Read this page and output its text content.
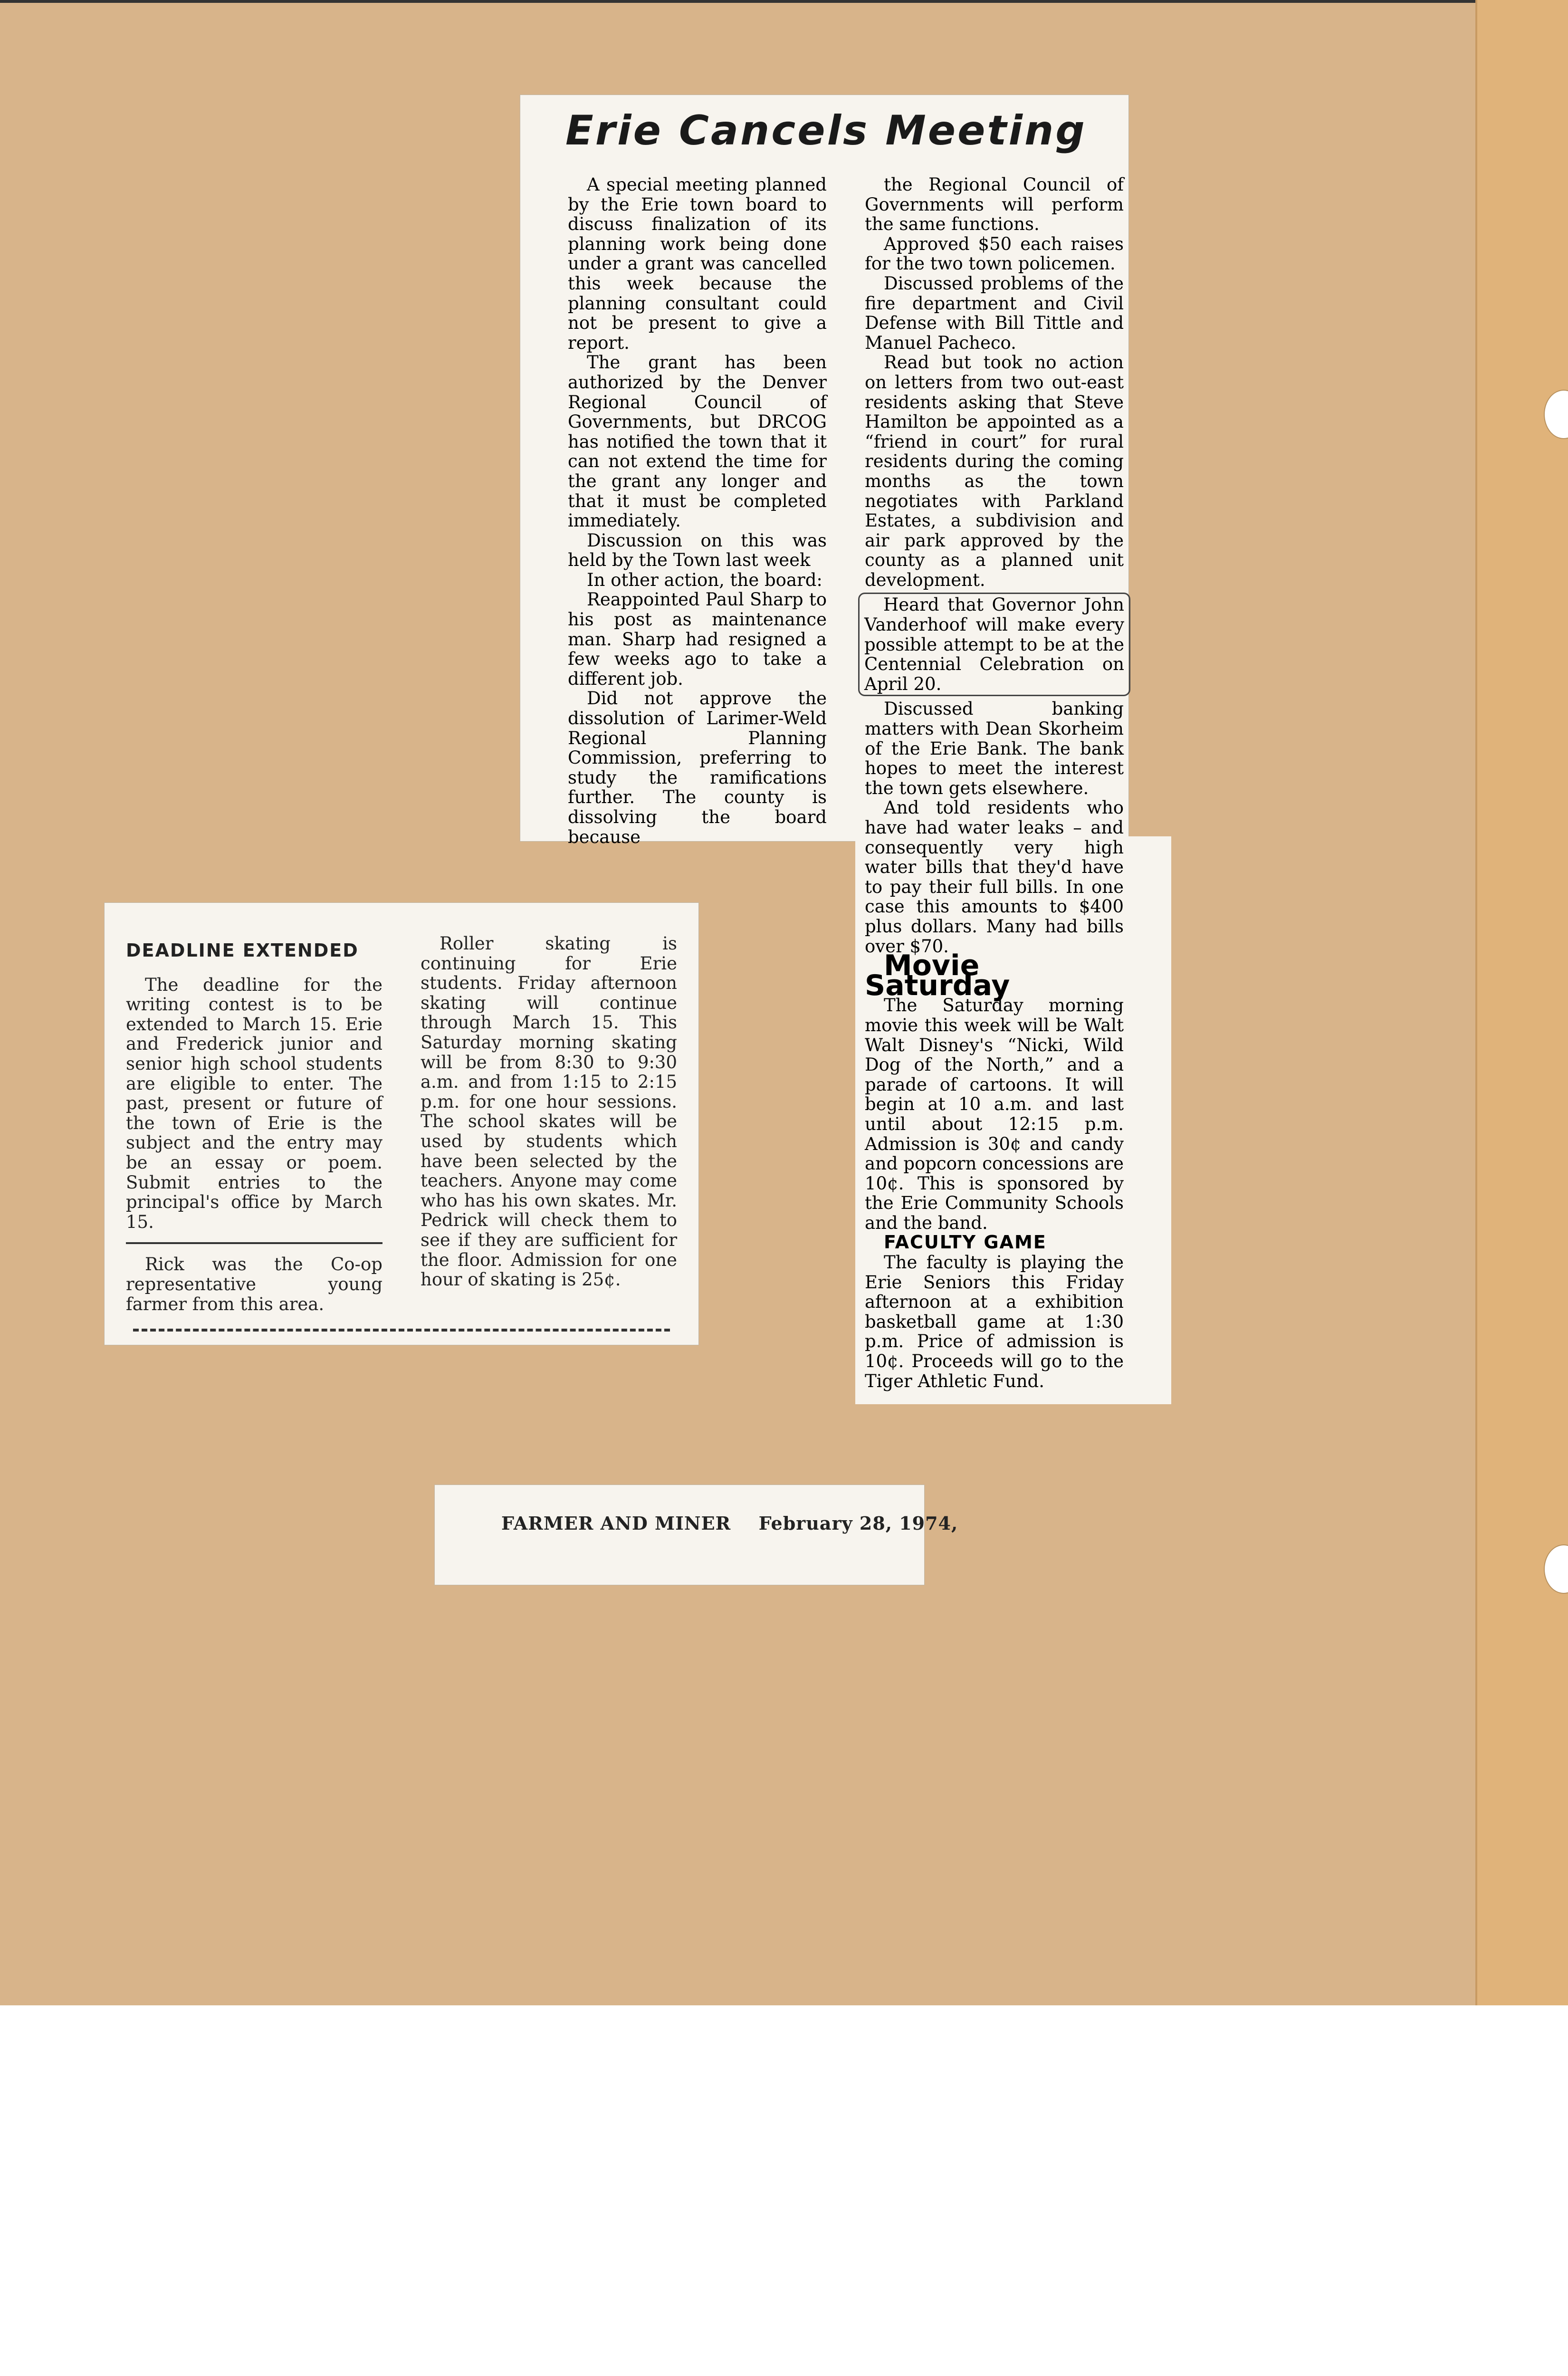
Erie Cancels Meeting

A special meeting planned by the Erie town board to discuss finalization of its planning work being done under a grant was cancelled this week because the planning consultant could not be present to give a report.

The grant has been authorized by the Denver Regional Council of Governments, but DRCOG has notified the town that it can not extend the time for the grant any longer and that it must be completed immediately.

Discussion on this was held by the Town last week

In other action, the board:

Reappointed Paul Sharp to his post as maintenance man. Sharp had resigned a few weeks ago to take a different job.

Did not approve the dissolution of Larimer-Weld Regional Planning Commission, preferring to study the ramifications further. The county is dissolving the board because

the Regional Council of Governments will perform the same functions.

Approved $50 each raises for the two town policemen.

Discussed problems of the fire department and Civil Defense with Bill Tittle and Manuel Pacheco.

Read but took no action on letters from two out-east residents asking that Steve Hamilton be appointed as a “friend in court” for rural residents during the coming months as the town negotiates with Parkland Estates, a subdivision and air park approved by the county as a planned unit development.

Heard that Governor John Vanderhoof will make every possible attempt to be at the Centennial Celebration on April 20.

Discussed banking matters with Dean Skorheim of the Erie Bank. The bank hopes to meet the interest the town gets elsewhere.

And told residents who have had water leaks – and consequently very high water bills that they'd have to pay their full bills. In one case this amounts to $400 plus dollars. Many had bills over $70.

Movie Saturday

The Saturday morning movie this week will be Walt Walt Disney's “Nicki, Wild Dog of the North,” and a parade of cartoons. It will begin at 10 a.m. and last until about 12:15 p.m. Admission is 30¢ and candy and popcorn concessions are 10¢. This is sponsored by the Erie Community Schools and the band.

FACULTY GAME

The faculty is playing the Erie Seniors this Friday afternoon at a exhibition basketball game at 1:30 p.m. Price of admission is 10¢. Proceeds will go to the Tiger Athletic Fund.

DEADLINE EXTENDED

The deadline for the writing contest is to be extended to March 15. Erie and Frederick junior and senior high school students are eligible to enter. The past, present or future of the town of Erie is the subject and the entry may be an essay or poem. Submit entries to the principal's office by March 15.

Rick was the Co-op representative young farmer from this area.

Roller skating is continuing for Erie students. Friday afternoon skating will continue through March 15. This Saturday morning skating will be from 8:30 to 9:30 a.m. and from 1:15 to 2:15 p.m. for one hour sessions. The school skates will be used by students which have been selected by the teachers. Anyone may come who has his own skates. Mr. Pedrick will check them to see if they are sufficient for the floor. Admission for one hour of skating is 25¢.

FARMER AND MINER February 28, 1974,
